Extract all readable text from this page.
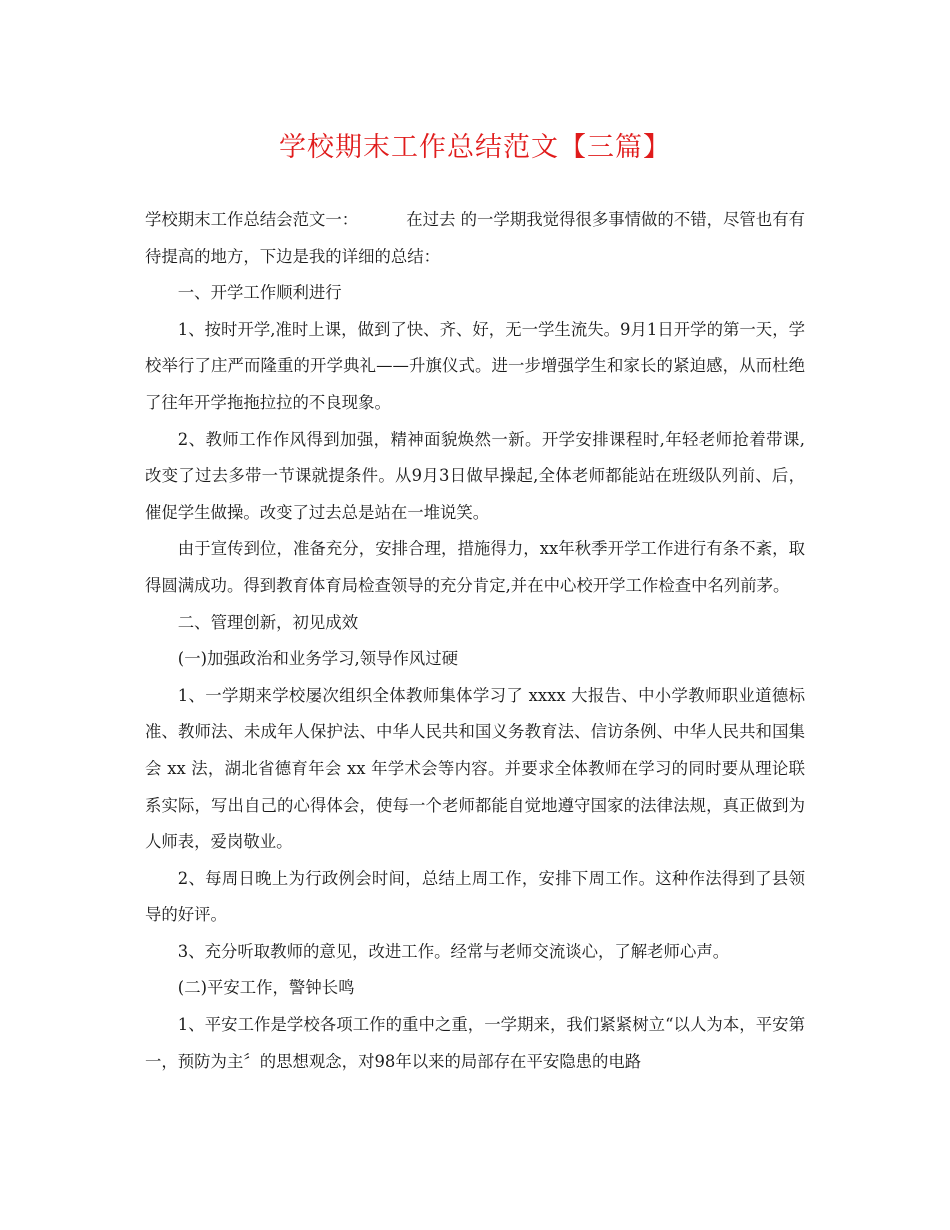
学校期末工作总结范文【三篇】

学校期末工作总结会范文一：	在过去 的一学期我觉得很多事情做的不错，尽管也有有待提高的地方，下边是我的详细的总结：

一、开学工作顺利进行

1、按时开学,准时上课，做到了快、齐、好，无一学生流失。9月1日开学的第一天，学校举行了庄严而隆重的开学典礼——升旗仪式。进一步增强学生和家长的紧迫感，从而杜绝了往年开学拖拖拉拉的不良现象。

2、教师工作作风得到加强，精神面貌焕然一新。开学安排课程时,年轻老师抢着带课,改变了过去多带一节课就提条件。从9月3日做早操起,全体老师都能站在班级队列前、后，催促学生做操。改变了过去总是站在一堆说笑。

由于宣传到位，准备充分，安排合理，措施得力，xx年秋季开学工作进行有条不紊，取得圆满成功。得到教育体育局检查领导的充分肯定,并在中心校开学工作检查中名列前茅。

二、管理创新，初见成效

(一)加强政治和业务学习,领导作风过硬

1、一学期来学校屡次组织全体教师集体学习了 xxxx 大报告、中小学教师职业道德标准、教师法、未成年人保护法、中华人民共和国义务教育法、信访条例、中华人民共和国集会 xx 法，湖北省德育年会 xx 年学术会等内容。并要求全体教师在学习的同时要从理论联系实际，写出自己的心得体会，使每一个老师都能自觉地遵守国家的法律法规，真正做到为人师表，爱岗敬业。

2、每周日晚上为行政例会时间，总结上周工作，安排下周工作。这种作法得到了县领导的好评。

3、充分听取教师的意见，改进工作。经常与老师交流谈心，了解老师心声。

(二)平安工作，警钟长鸣

1、平安工作是学校各项工作的重中之重，一学期来，我们紧紧树立“以人为本，平安第一，预防为主〞的思想观念，对98年以来的局部存在平安隐患的电路
